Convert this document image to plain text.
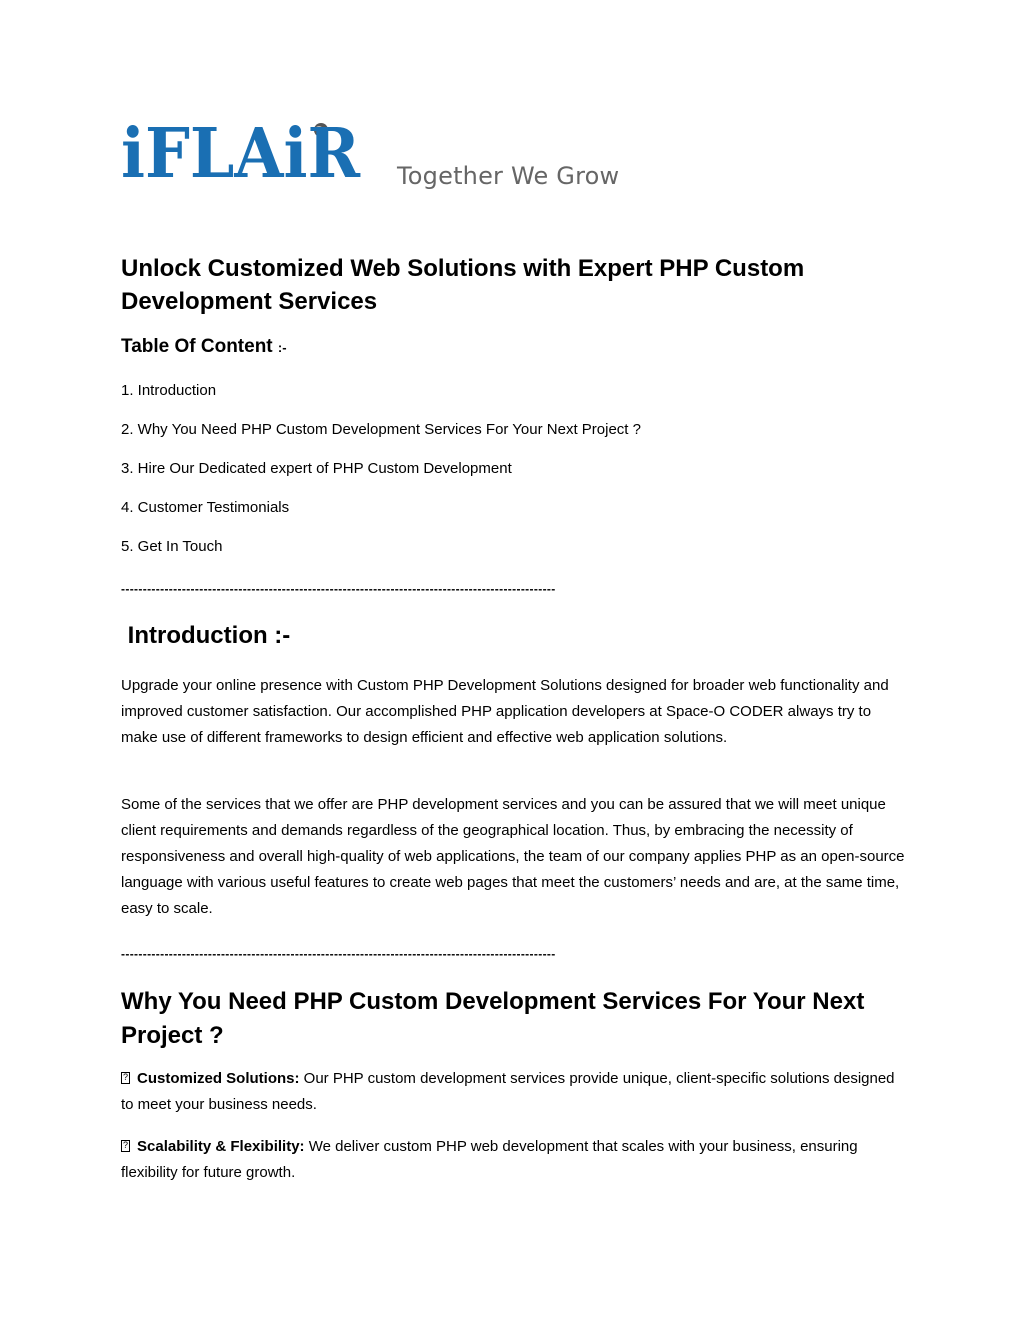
iFLAiR Together We Grow
Unlock Customized Web Solutions with Expert PHP Custom Development Services
Table Of Content :-
1. Introduction
2. Why You Need PHP Custom Development Services For Your Next Project ?
3. Hire Our Dedicated expert of PHP Custom Development
4. Customer Testimonials
5. Get In Touch
----------------------------------------------------------------------------------------------------
Introduction :-

Upgrade your online presence with Custom PHP Development Solutions designed for broader web functionality and improved customer satisfaction. Our accomplished PHP application developers at Space-O CODER always try to make use of different frameworks to design efficient and effective web application solutions.

Some of the services that we offer are PHP development services and you can be assured that we will meet unique client requirements and demands regardless of the geographical location. Thus, by embracing the necessity of responsiveness and overall high-quality of web applications, the team of our company applies PHP as an open-source language with various useful features to create web pages that meet the customers’ needs and are, at the same time, easy to scale.

----------------------------------------------------------------------------------------------------
Why You Need PHP Custom Development Services For Your Next Project ?

?Customized Solutions: Our PHP custom development services provide unique, client-specific solutions designed to meet your business needs.

?Scalability & Flexibility: We deliver custom PHP web development that scales with your business, ensuring flexibility for future growth.
